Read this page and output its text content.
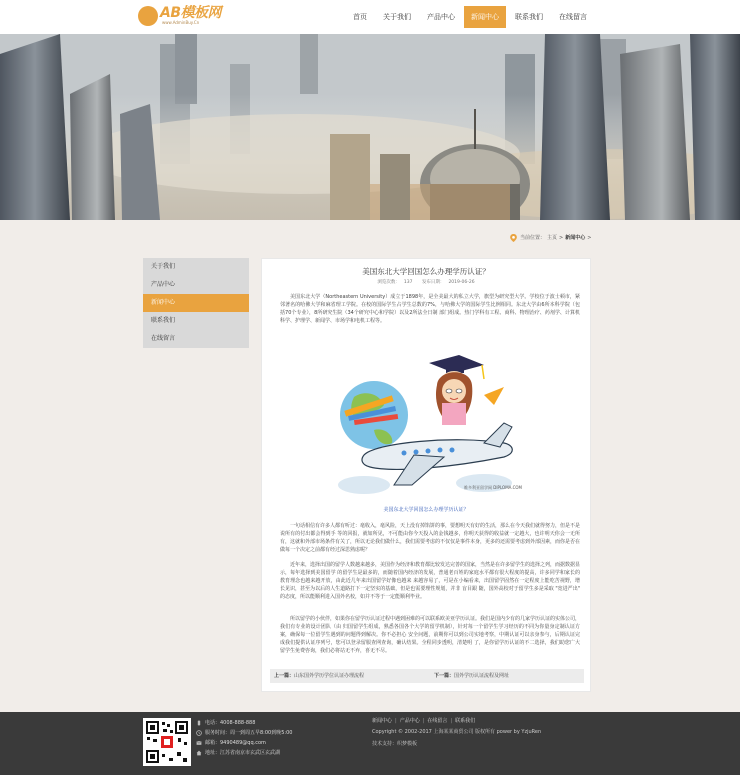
AB模板网
www.AdminBuy.Cn
首页	关于我们	产品中心	新闻中心	联系我们	在线留言
当前位置： 主页 > 新闻中心 >
关于我们
产品中心
新闻中心
联系我们
在线留言
美国东北大学回国怎么办理学历认证？
浏览次数： 137 发布日期： 2019-06-26
美国东北大学（Northeastern University）成立于1898年，是全美最大的私立大学，旗型为研究型大学。学校位于波士顿市，紧邻著名的哈佛大学和麻省理工学院。在校的国际学生占学生总数的7%，与哈佛大学的国际学生比例相同。东北大学由6所本科学院（包括70个专业），8所研究生院（34个研究中心和学院）以及2所法全日制 部门组成。热门学科有工程、商科、物理治疗、药剂学、计算机科学、护理学、新闻学、市场学和电机工程等。
维多利亚留学网 DIPLOMA.COM
美国东北大学回国怎么办理学历认证？
一句话相信有许多人都有听过：毫收入，毫风险，天上没有掉馅饼的事，要想明天有好的生活，那么在今天我们就得努力，但是不是说所有的付出都会得到手 等的回报，就如所见，不可能由你今天投入的金钱越多，你明天获得的收益就一定越大，也许明天你会一无所有，这就和外部市场条件有关了，所以无论我们做什么，我们需要考虑的不仅仅是事件本身，更多的还需要考虑到外部因素，而你是否在做每一个决定之前都有经过深思熟虑呢？
近年来，选择出国的留学人数越来越多，美国作为经济和教育都比较发达完善的国家，当然是在许多留学生的选择之列，而据数据显示，每年选择到美国留学 的留学生是最多的，而随着国内经济的发展，普通老百姓的家庭水平都有很大程度的提高，许多同学和家长的教育理念也越来越开放，由此近几年来出国留学好像也越来 来越容易了，可是在小编看来，出国留学固然在一定程度上能吃苦视野，增长见识，甚至为以后的人生道路打下一定坚实的基础，但是也需要理性规划，并非 盲目跟 随，国外高校对于留学生多是采取 "宽进严出" 的态度，所以能顺利进入国外名校，如并不等于一定能顺利毕业。
所以留学的小伙伴，如果你在留学历认证过程中遇到困难的可以联系欧美亚学历认证。我们是国内少有的几家学历认证的实体公司，我们有专业的设计团队（由 归国留学生组成，熟悉各国各个大学的留学机制），针对每一个留学生学习经历的不同为你量身定制认证方案，确保每一位留学生遇到的问题得到解决。你不必担心 安全问题，前期你可以到公司实地考察，中期认证可以亲身参与，后期认证完成我们提供认证序列号，您可以登录留服查网查询，确认结果。全程同步透明，清楚明 了，是你留学历认证的不二选择，我们助您广大留学生免费咨询，我们必将站无不弃，喜无不尽。
上一篇：山东国外学历学位认证办理流程	下一篇：国外学历认证流程及网址
电话：4008-888-888
服务时间：周一到周五早8:00到晚5:00
邮箱：9490489@qq.com
地址：江苏省南京市玄武区玄武湖
新闻中心 | 产品中心 | 在线留言 | 联系我们
Copyright © 2002-2017 上海某某商贸公司 版权所有 power by YzjuRen
技术支持：织梦模板
